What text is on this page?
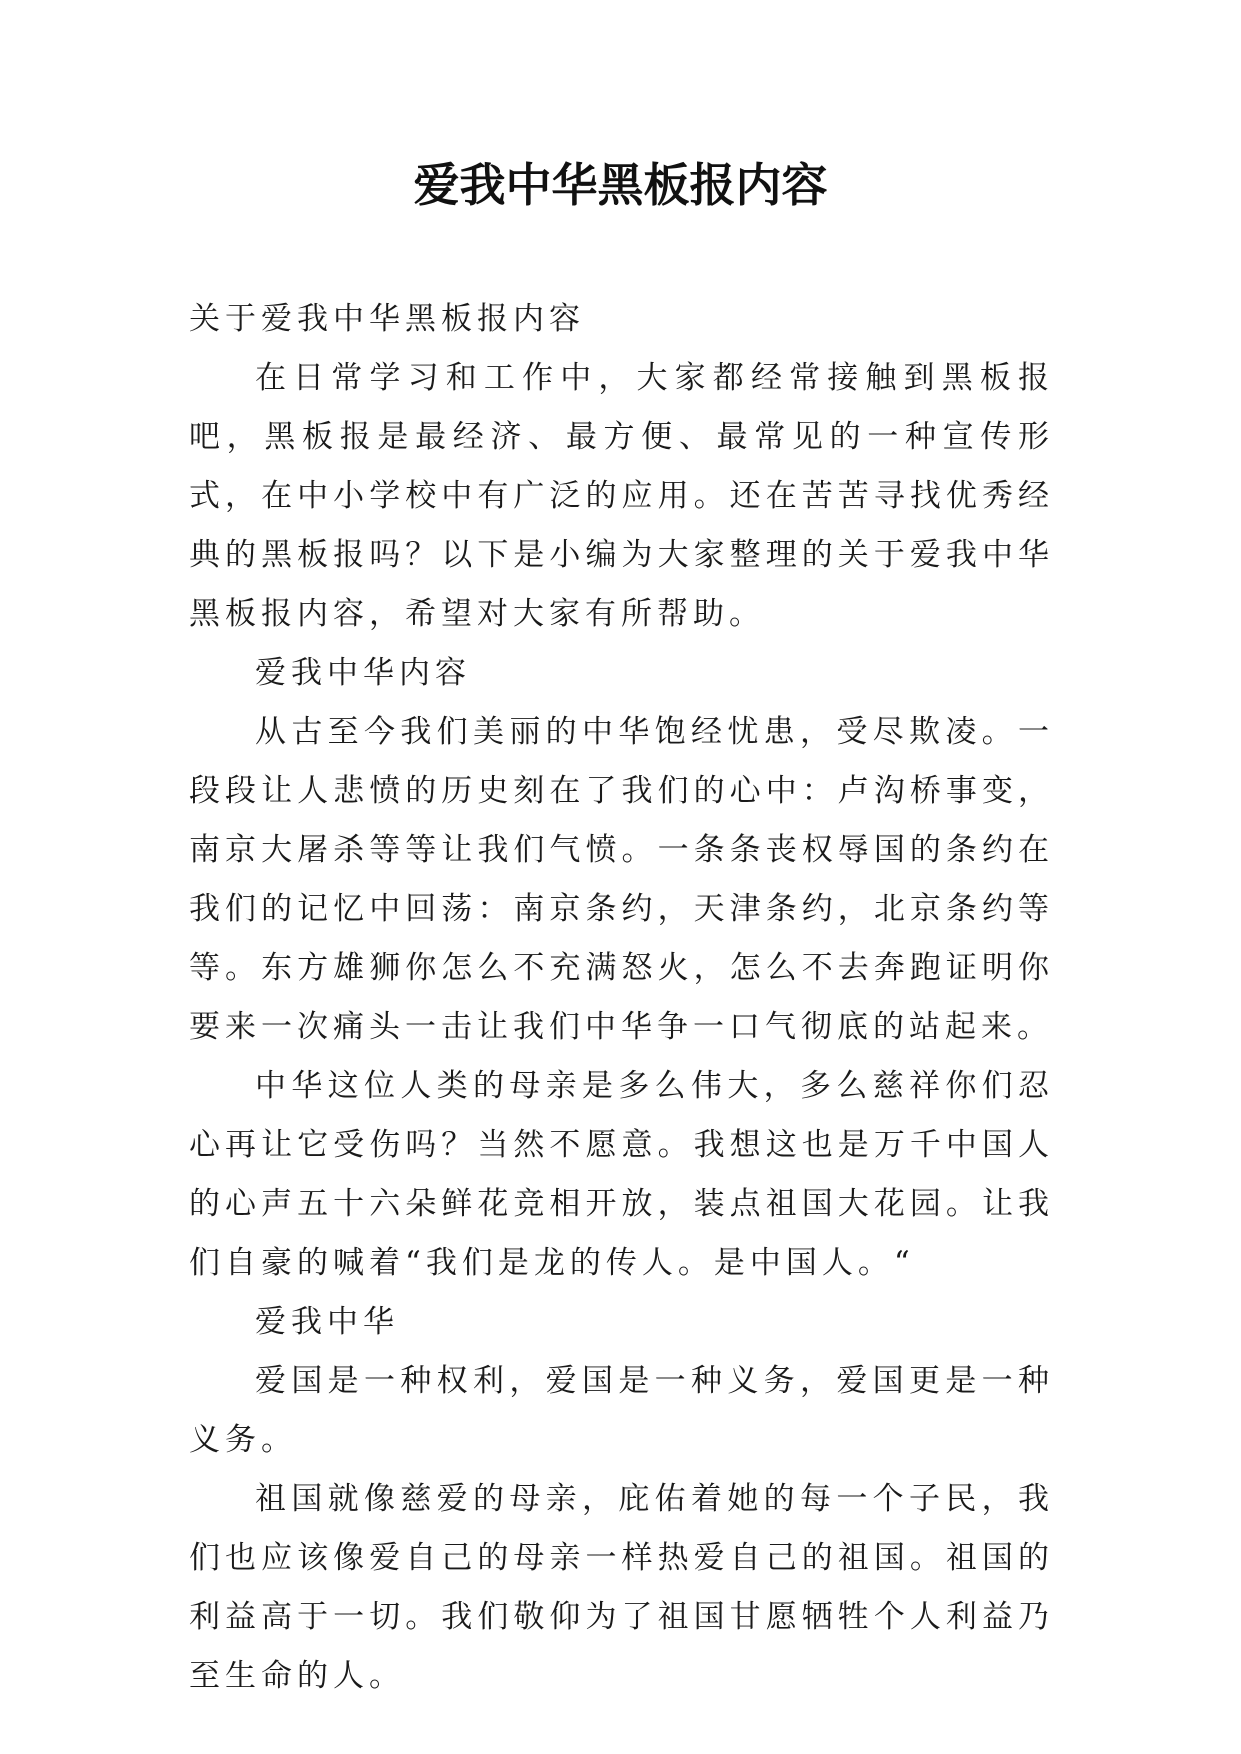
爱我中华黑板报内容

关于爱我中华黑板报内容

在日常学习和工作中，大家都经常接触到黑板报吧，黑板报是最经济、最方便、最常见的一种宣传形式，在中小学校中有广泛的应用。还在苦苦寻找优秀经典的黑板报吗？以下是小编为大家整理的关于爱我中华黑板报内容，希望对大家有所帮助。

爱我中华内容

从古至今我们美丽的中华饱经忧患，受尽欺凌。一段段让人悲愤的历史刻在了我们的心中：卢沟桥事变，南京大屠杀等等让我们气愤。一条条丧权辱国的条约在我们的记忆中回荡：南京条约，天津条约，北京条约等等。东方雄狮你怎么不充满怒火，怎么不去奔跑证明你要来一次痛头一击让我们中华争一口气彻底的站起来。

中华这位人类的母亲是多么伟大，多么慈祥你们忍心再让它受伤吗？当然不愿意。我想这也是万千中国人的心声五十六朵鲜花竞相开放，装点祖国大花园。让我们自豪的喊着“我们是龙的传人。是中国人。“

爱我中华

爱国是一种权利，爱国是一种义务，爱国更是一种义务。

祖国就像慈爱的母亲，庇佑着她的每一个子民，我们也应该像爱自己的母亲一样热爱自己的祖国。祖国的利益高于一切。我们敬仰为了祖国甘愿牺牲个人利益乃至生命的人。
